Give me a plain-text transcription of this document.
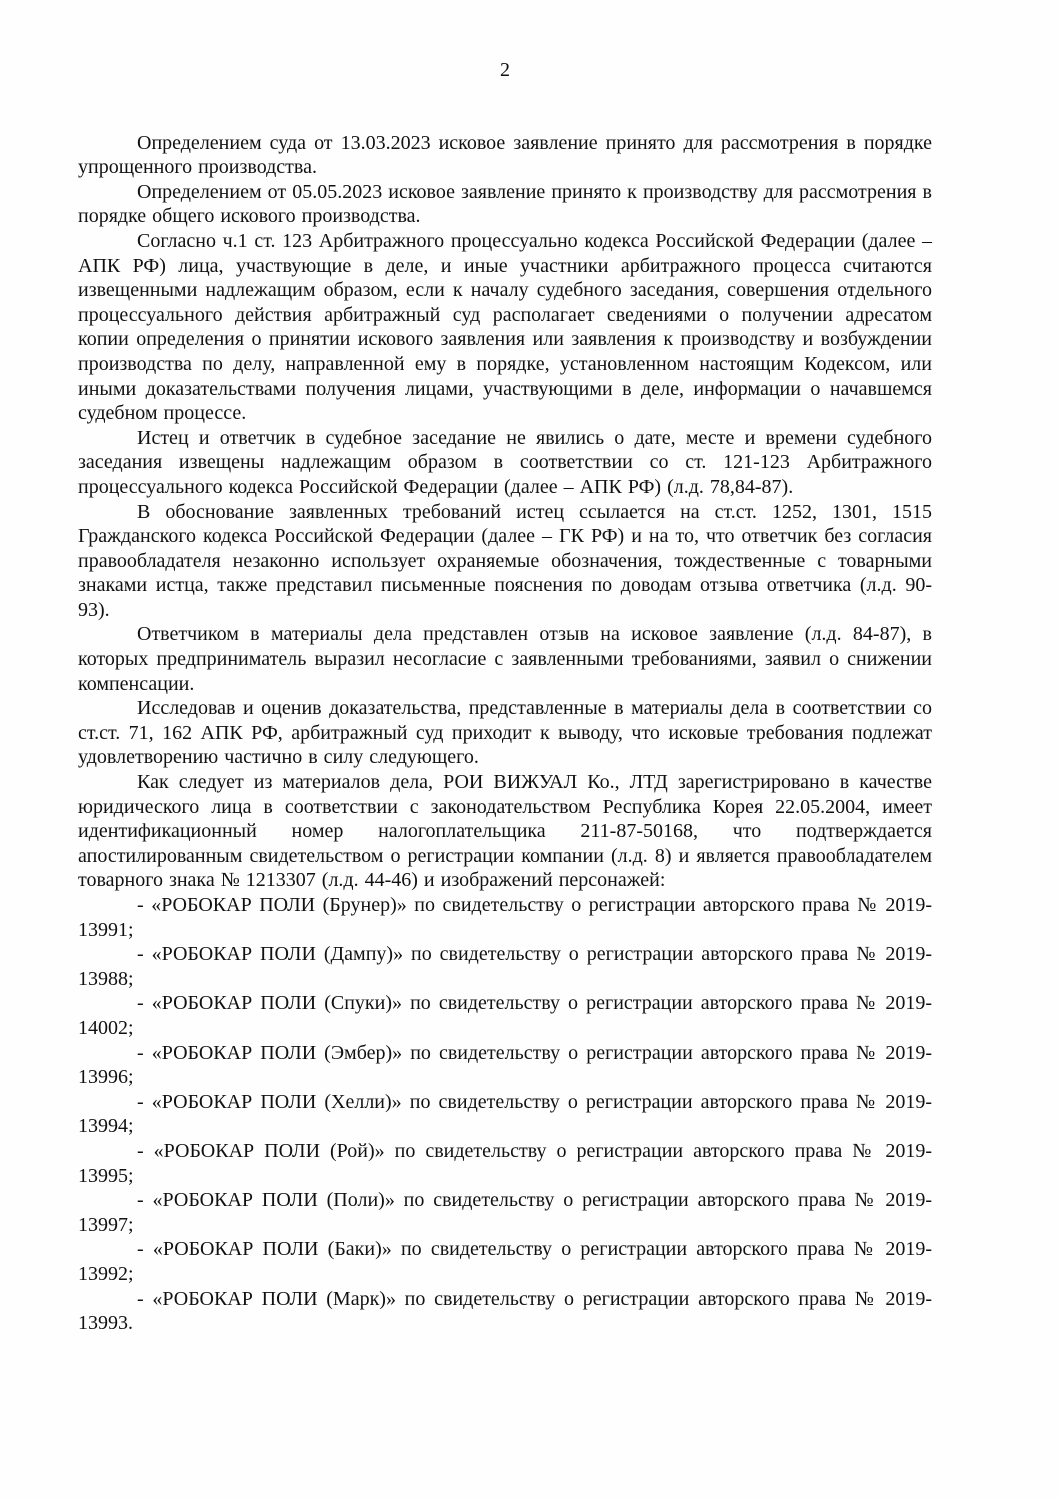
2

Определением суда от 13.03.2023 исковое заявление принято для рассмотрения в порядке упрощенного производства.

Определением от 05.05.2023 исковое заявление принято к производству для рассмотрения в порядке общего искового производства.

Согласно ч.1 ст. 123 Арбитражного процессуально кодекса Российской Федерации (далее – АПК РФ) лица, участвующие в деле, и иные участники арбитражного процесса считаются извещенными надлежащим образом, если к началу судебного заседания, совершения отдельного процессуального действия арбитражный суд располагает сведениями о получении адресатом копии определения о принятии искового заявления или заявления к производству и возбуждении производства по делу, направленной ему в порядке, установленном настоящим Кодексом, или иными доказательствами получения лицами, участвующими в деле, информации о начавшемся судебном процессе.

Истец и ответчик в судебное заседание не явились о дате, месте и времени судебного заседания извещены надлежащим образом в соответствии со ст. 121-123 Арбитражного процессуального кодекса Российской Федерации (далее – АПК РФ) (л.д. 78,84-87).

В обоснование заявленных требований истец ссылается на ст.ст. 1252, 1301, 1515 Гражданского кодекса Российской Федерации (далее – ГК РФ) и на то, что ответчик без согласия правообладателя незаконно использует охраняемые обозначения, тождественные с товарными знаками истца, также представил письменные пояснения по доводам отзыва ответчика (л.д. 90-93).

Ответчиком в материалы дела представлен отзыв на исковое заявление (л.д. 84-87), в которых предприниматель выразил несогласие с заявленными требованиями, заявил о снижении компенсации.

Исследовав и оценив доказательства, представленные в материалы дела в соответствии со ст.ст. 71, 162 АПК РФ, арбитражный суд приходит к выводу, что исковые требования подлежат удовлетворению частично в силу следующего.

Как следует из материалов дела, РОИ ВИЖУАЛ Ко., ЛТД зарегистрировано в качестве юридического лица в соответствии с законодательством Республика Корея 22.05.2004, имеет идентификационный номер налогоплательщика 211-87-50168, что подтверждается апостилированным свидетельством о регистрации компании (л.д. 8) и является правообладателем товарного знака № 1213307 (л.д. 44-46) и изображений персонажей:

- «РОБОКАР ПОЛИ (Брунер)» по свидетельству о регистрации авторского права № 2019-13991;

- «РОБОКАР ПОЛИ (Дампу)» по свидетельству о регистрации авторского права № 2019-13988;

- «РОБОКАР ПОЛИ (Спуки)» по свидетельству о регистрации авторского права № 2019-14002;

- «РОБОКАР ПОЛИ (Эмбер)» по свидетельству о регистрации авторского права № 2019-13996;

- «РОБОКАР ПОЛИ (Хелли)» по свидетельству о регистрации авторского права № 2019-13994;

- «РОБОКАР ПОЛИ (Рой)» по свидетельству о регистрации авторского права № 2019-13995;

- «РОБОКАР ПОЛИ (Поли)» по свидетельству о регистрации авторского права № 2019-13997;

- «РОБОКАР ПОЛИ (Баки)» по свидетельству о регистрации авторского права № 2019-13992;

- «РОБОКАР ПОЛИ (Марк)» по свидетельству о регистрации авторского права № 2019-13993.
